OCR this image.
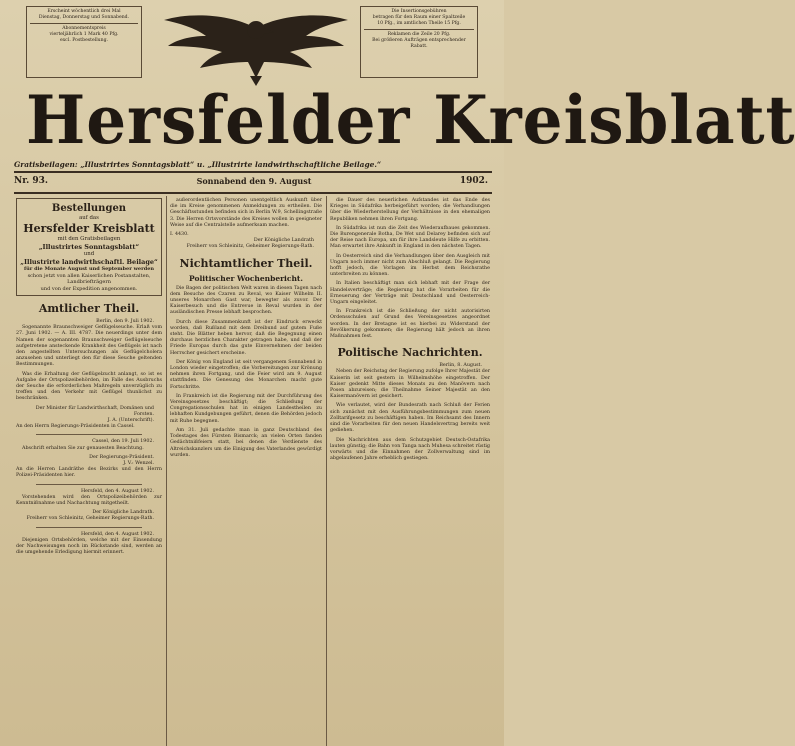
Erscheint wöchentlich drei Mal
Dienstag, Donnerstag und Sonnabend.
Abonnementspreis
vierteljährlich 1 Mark 40 Pfg.
excl. Postbestellung.
Die Insertionsgebühren
betragen für den Raum einer Spaltzeile
10 Pfg., im amtlichen Theile 15 Pfg.
Reklamen die Zeile 20 Pfg.
Bei größeren Aufträgen entsprechender
Rabatt.
Hersfelder Kreisblatt
Gratisbeilagen: „Illustrirtes Sonntagsblatt“ u. „Illustrirte landwirthschaftliche Beilage.“
Nr. 93.	Sonnabend den 9. August	1902.
Bestellungen
auf das
Hersfelder Kreisblatt
mit den Gratisbeilagen
„Illustrirtes Sonntagsblatt“
und
„Illustrirte landwirthschaftl. Beilage“
für die Monate August und September werden
schon jetzt von allen Kaiserlichen Postanstalten, Landbriefträgern
und von der Expedition angenommen.
Amtlicher Theil.
Berlin, den 9. Juli 1902.

Sogenannte Braunschweiger Geflügelseuche. Erlaß vom 27. Juni 1902. — A. III. 4787. Die neuerdings unter dem Namen der sogenannten Braunschweiger Geflügelseuche aufgetretene ansteckende Krankheit des Geflügels ist nach den angestellten Untersuchungen als Geflügelcholera anzusehen und unterliegt den für diese Seuche geltenden Bestimmungen.

Was die Erhaltung der Geflügelzucht anlangt, so ist es Aufgabe der Ortspolizeibehörden, im Falle des Ausbruchs der Seuche die erforderlichen Maßregeln unverzüglich zu treffen und den Verkehr mit Geflügel thunlichst zu beschränken.

Der Minister für Landwirthschaft, Domänen und Forsten.
J. A. (Unterschrift).
An den Herrn Regierungs-Präsidenten in Cassel.
Cassel, den 19. Juli 1902.

Abschrift erhalten Sie zur genauesten Beachtung.

Der Regierungs-Präsident.
J. V.: Wenzel.
An die Herren Landräthe des Bezirks und den Herrn Polizei-Präsidenten hier.
Hersfeld, den 4. August 1902.

Vorstehenden wird den Ortspolizeibehörden zur Kenntnißnahme und Nachachtung mitgetheilt.

Der Königliche Landrath.
Freiherr von Schleinitz, Geheimer Regierungs-Rath.
Hersfeld, den 4. August 1902.

Diejenigen Ortsbehörden, welche mit der Einsendung der Nachweisungen noch im Rückstande sind, werden an die umgehende Erledigung hiermit erinnert.

außerordentlichen Personen unentgeltlich Auskunft über die im Kreise genommenen Anmeldungen zu ertheilen. Die Geschäftsstunden befinden sich in Berlin W.9, Schellingstraße 3. Die Herren Ortsvorstände des Kreises wollen in geeigneter Weise auf die Centralstelle aufmerksam machen.

I. 4430.
Der Königliche Landrath
Freiherr von Schleinitz, Geheimer Regierungs-Rath.
Nichtamtlicher Theil.
Politischer Wochenbericht.

Die Bagen der politischen Welt waren in diesen Tagen nach dem Besuche des Czaren zu Reval, wo Kaiser Wilhelm II. unseres Monarchen Gast war, bewegter als zuvor. Der Kaiserbesuch und die Entrevue in Reval wurden in der ausländischen Presse lebhaft besprochen.

Durch diese Zusammenkunft ist der Eindruck erweckt worden, daß Rußland mit dem Dreibund auf gutem Fuße steht. Die Blätter heben hervor, daß die Begegnung einen durchaus herzlichen Charakter getragen habe, und daß der Friede Europas durch das gute Einvernehmen der beiden Herrscher gesichert erscheine.

Der König von England ist seit vergangenem Sonnabend in London wieder eingetroffen; die Vorbereitungen zur Krönung nehmen ihren Fortgang, und die Feier wird am 9. August stattfinden. Die Genesung des Monarchen macht gute Fortschritte.

In Frankreich ist die Regierung mit der Durchführung des Vereinsgesetzes beschäftigt; die Schließung der Congregationsschulen hat in einigen Landestheilen zu lebhaften Kundgebungen geführt, denen die Behörden jedoch mit Ruhe begegnen.

Am 31. Juli gedachte man in ganz Deutschland des Todestages des Fürsten Bismarck; an vielen Orten fanden Gedächtnißfeiern statt, bei denen die Verdienste des Altreichskanzlers um die Einigung des Vaterlandes gewürdigt wurden.

die Dauer des neuerlichen Aufstandes ist das Ende des Krieges in Südafrika herbeigeführt worden; die Verhandlungen über die Wiederherstellung der Verhältnisse in den ehemaligen Republiken nehmen ihren Fortgang.

In Südafrika ist nun die Zeit des Wiederaufbaues gekommen. Die Burengenerale Botha, De Wet und Delarey befinden sich auf der Reise nach Europa, um für ihre Landsleute Hilfe zu erbitten. Man erwartet ihre Ankunft in England in den nächsten Tagen.

In Oesterreich sind die Verhandlungen über den Ausgleich mit Ungarn noch immer nicht zum Abschluß gelangt. Die Regierung hofft jedoch, die Vorlagen im Herbst dem Reichsrathe unterbreiten zu können.

In Italien beschäftigt man sich lebhaft mit der Frage der Handelsverträge; die Regierung hat die Vorarbeiten für die Erneuerung der Verträge mit Deutschland und Oesterreich-Ungarn eingeleitet.

In Frankreich ist die Schließung der nicht autorisirten Ordensschulen auf Grund des Vereinsgesetzes angeordnet worden. In der Bretagne ist es hierbei zu Widerstand der Bevölkerung gekommen; die Regierung hält jedoch an ihren Maßnahmen fest.

Politische Nachrichten.
Berlin, 8. August.

Neben der Reichstag der Regierung zufolge Ihrer Majestät der Kaiserin ist seit gestern in Wilhelmshöhe eingetroffen. Der Kaiser gedenkt Mitte dieses Monats zu den Manövern nach Posen abzureisen; die Theilnahme Seiner Majestät an den Kaisermanövern ist gesichert.

Wie verlautet, wird der Bundesrath nach Schluß der Ferien sich zunächst mit den Ausführungsbestimmungen zum neuen Zolltarifgesetz zu beschäftigen haben. Im Reichsamt des Innern sind die Vorarbeiten für den neuen Handelsvertrag bereits weit gediehen.

Die Nachrichten aus dem Schutzgebiet Deutsch-Ostafrika lauten günstig; die Bahn von Tanga nach Muhesa schreitet rüstig vorwärts und die Einnahmen der Zollverwaltung sind im abgelaufenen Jahre erheblich gestiegen.
